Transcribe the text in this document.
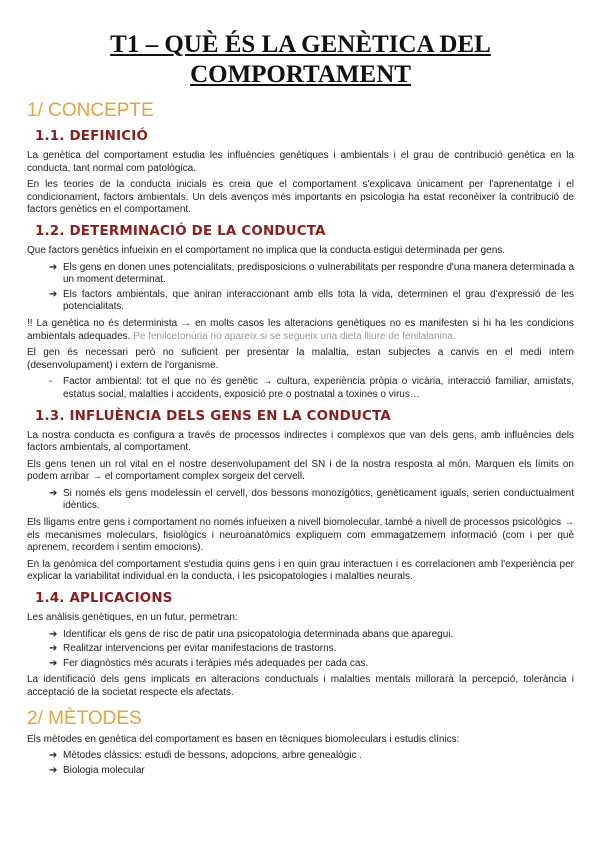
T1 – QUÈ ÉS LA GENÈTICA DEL COMPORTAMENT
1/ CONCEPTE
1.1. DEFINICIÓ

La genètica del comportament estudia les influències genètiques i ambientals i el grau de contribució genètica en la conducta, tant normal com patològica.

En les teories de la conducta inicials es creia que el comportament s'explicava únicament per l'aprenentatge i el condicionament, factors ambientals. Un dels avenços més importants en psicologia ha estat reconèixer la contribució de factors genètics en el comportament.

1.2. DETERMINACIÓ DE LA CONDUCTA

Que factors genètics infueixin en el comportament no implica que la conducta estigui determinada per gens.

➔ Els gens en donen unes potencialitats, predisposicions o vulnerabilitats per respondre d'una manera determinada a un moment determinat.
➔ Els factors ambientals, que aniran interaccionant amb ells tota la vida, determinen el grau d'expressió de les potencialitats.

!! La genètica no és determinista → en molts casos les alteracions genètiques no es manifesten si hi ha les condicions ambientals adequades. Pe fenilcetonúria no apareix si se segueix una dieta lliure de fenilalanina.

El gen és necessari però no suficient per presentar la malaltia, estan subjectes a canvis en el medi intern (desenvolupament) i extern de l'organisme.

- Factor ambiental: tot el que no és genètic → cultura, experiència pròpia o vicària, interacció familiar, amistats, estatus social, malalties i accidents, exposició pre o postnatal a toxines o virus…
1.3. INFLUÈNCIA DELS GENS EN LA CONDUCTA

La nostra conducta es configura a través de processos indirectes i complexos que van dels gens, amb influències dels factors ambientals, al comportament.

Els gens tenen un rol vital en el nostre desenvolupament del SN i de la nostra resposta al món. Marquen els límits on podem arribar → el comportament complex sorgeix del cervell.

➔ Si només els gens modelessin el cervell, dos bessons monozigòtics, genèticament iguals, serien conductualment idèntics.

Els lligams entre gens i comportament no només infueixen a nivell biomolecular, també a nivell de processos psicològics → els mecanismes moleculars, fisiològics i neuroanatòmics expliquem com emmagatzemem informació (com i per què aprenem, recordem i sentim emocions).

En la genòmica del comportament s'estudia quins gens i en quin grau interactuen i es correlacionen amb l'experiència per explicar la variabilitat individual en la conducta, i les psicopatologies i malalties neurals.

1.4. APLICACIONS

Les anàlisis genètiques, en un futur, permetran:

➔ Identificar els gens de risc de patir una psicopatologia determinada abans que aparegui.
➔ Realitzar intervencions per evitar manifestacions de trastorns.
➔ Fer diagnòstics més acurats i teràpies més adequades per cada cas.

La identificació dels gens implicats en alteracions conductuals i malalties mentals millorarà la percepció, tolerància i acceptació de la societat respecte els afectats.

2/ MÈTODES

Els mètodes en genètica del comportament es basen en tècniques biomoleculars i estudis clínics:

➔ Mètodes clàssics: estudi de bessons, adopcions, arbre genealògic .
➔ Biologia molecular
